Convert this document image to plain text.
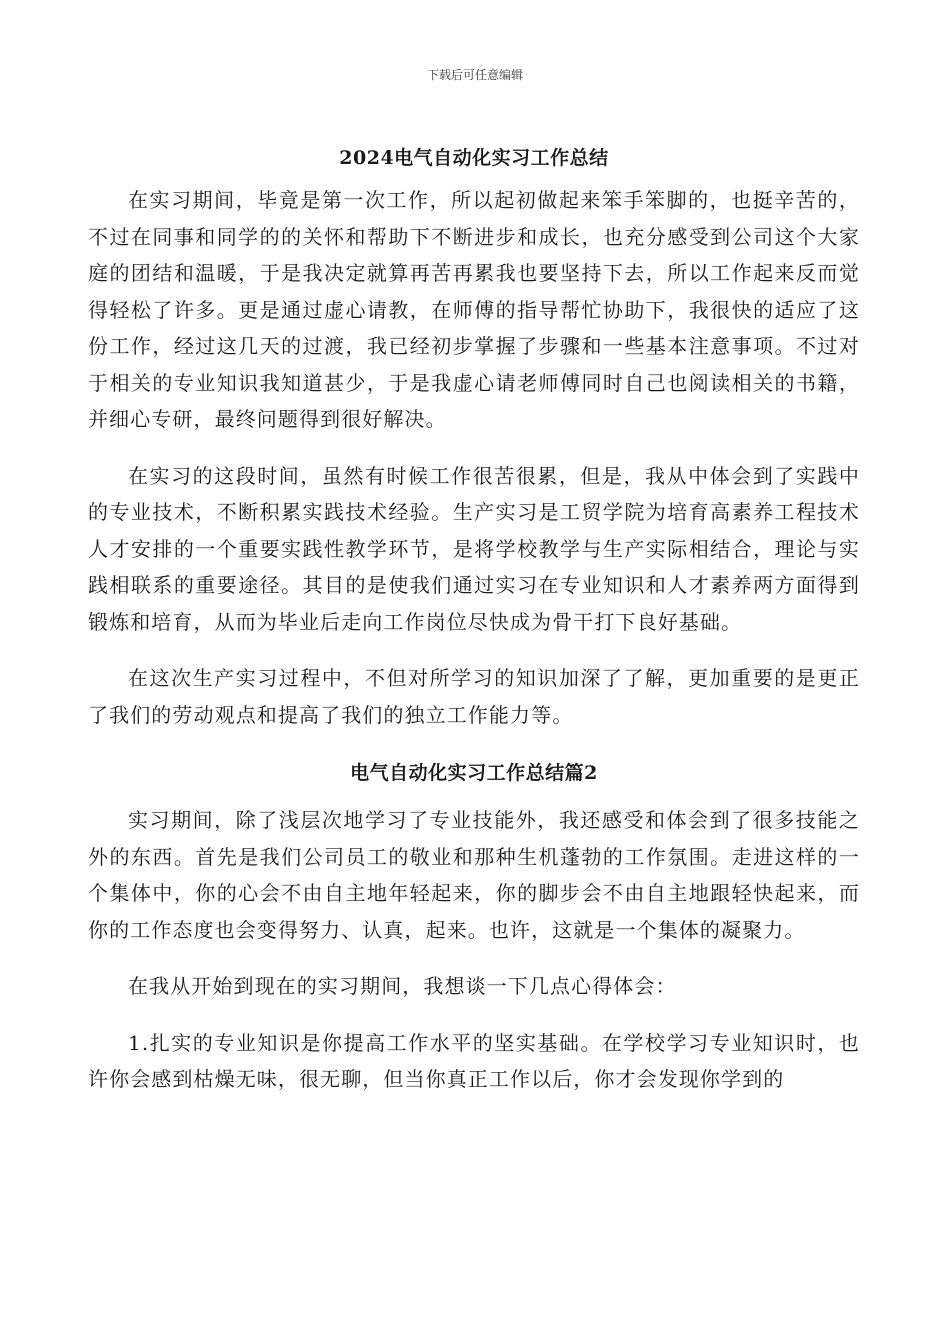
下载后可任意编辑
2024电气自动化实习工作总结

在实习期间，毕竟是第一次工作，所以起初做起来笨手笨脚的，也挺辛苦的，不过在同事和同学的的关怀和帮助下不断进步和成长，也充分感受到公司这个大家庭的团结和温暖，于是我决定就算再苦再累我也要坚持下去，所以工作起来反而觉得轻松了许多。更是通过虚心请教，在师傅的指导帮忙协助下，我很快的适应了这份工作，经过这几天的过渡，我已经初步掌握了步骤和一些基本注意事项。不过对于相关的专业知识我知道甚少，于是我虚心请老师傅同时自己也阅读相关的书籍，并细心专研，最终问题得到很好解决。

在实习的这段时间，虽然有时候工作很苦很累，但是，我从中体会到了实践中的专业技术，不断积累实践技术经验。生产实习是工贸学院为培育高素养工程技术人才安排的一个重要实践性教学环节，是将学校教学与生产实际相结合，理论与实践相联系的重要途径。其目的是使我们通过实习在专业知识和人才素养两方面得到锻炼和培育，从而为毕业后走向工作岗位尽快成为骨干打下良好基础。

在这次生产实习过程中，不但对所学习的知识加深了了解，更加重要的是更正了我们的劳动观点和提高了我们的独立工作能力等。

电气自动化实习工作总结篇2

实习期间，除了浅层次地学习了专业技能外，我还感受和体会到了很多技能之外的东西。首先是我们公司员工的敬业和那种生机蓬勃的工作氛围。走进这样的一个集体中，你的心会不由自主地年轻起来，你的脚步会不由自主地跟轻快起来，而你的工作态度也会变得努力、认真，起来。也许，这就是一个集体的凝聚力。

在我从开始到现在的实习期间，我想谈一下几点心得体会：

1.扎实的专业知识是你提高工作水平的坚实基础。在学校学习专业知识时，也许你会感到枯燥无味，很无聊，但当你真正工作以后，你才会发现你学到的
